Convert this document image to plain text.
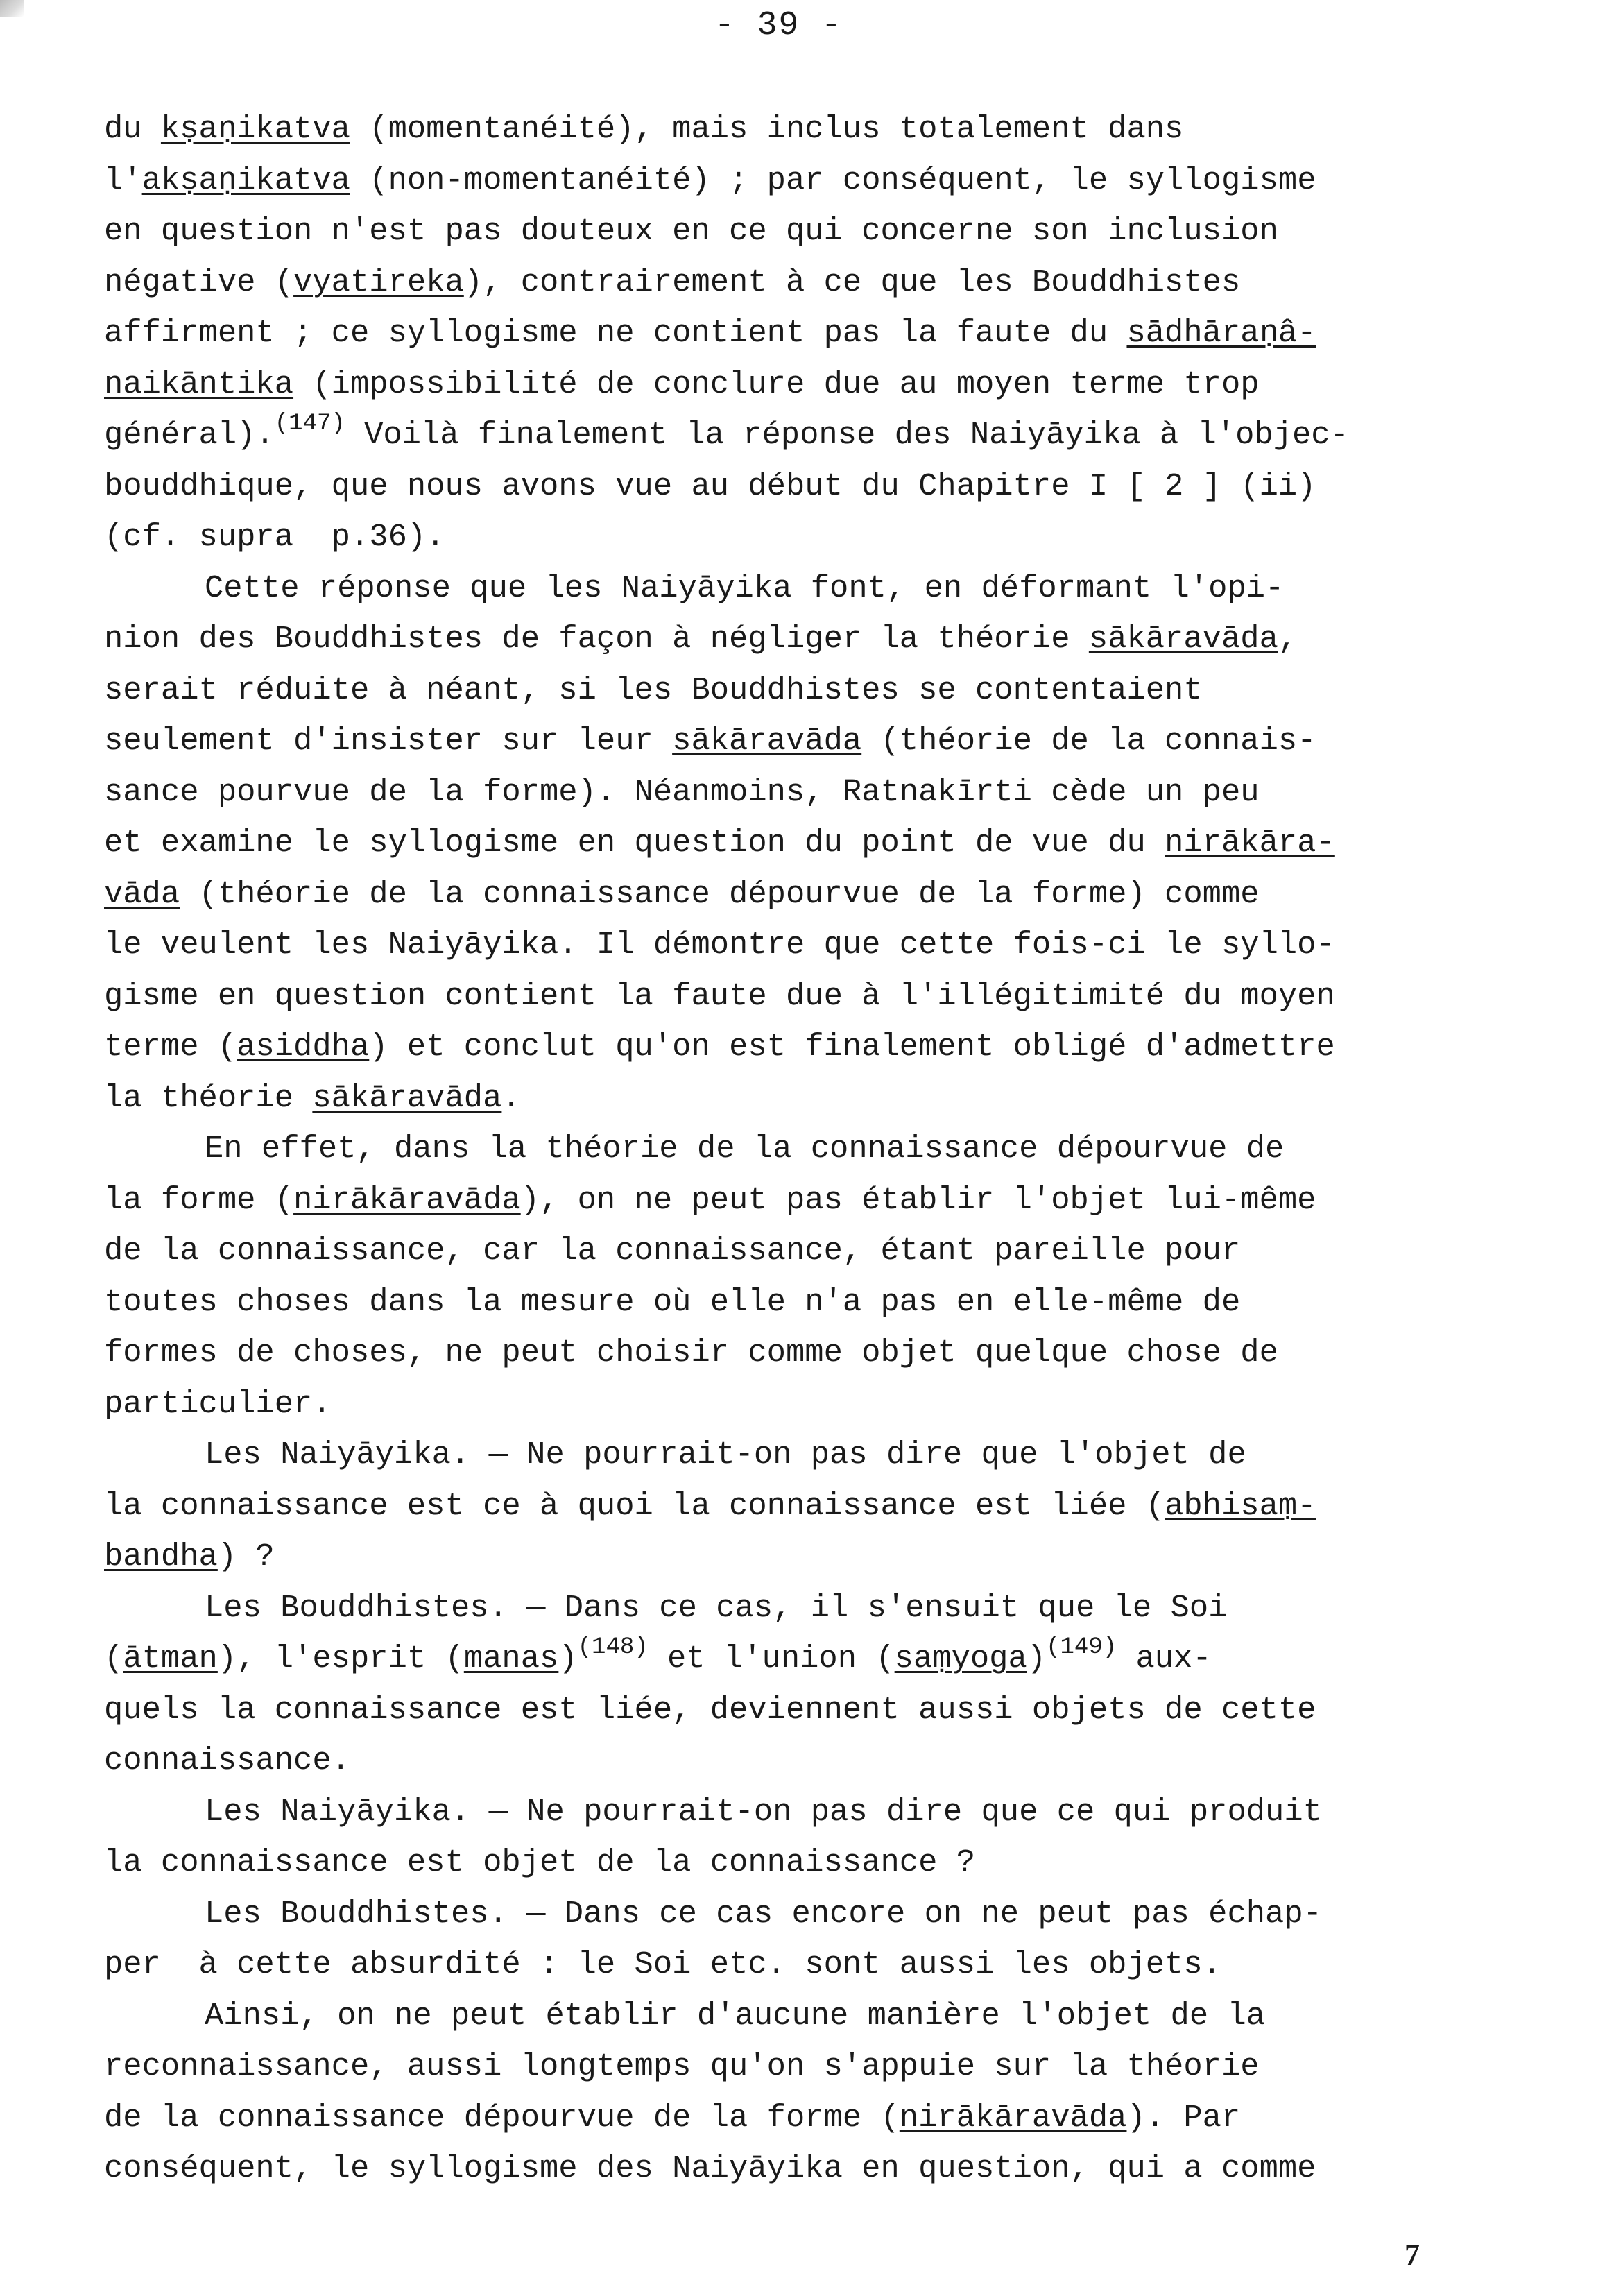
- 39 -
du kṣaṇikatva (momentanéité), mais inclus totalement dans
l'akṣaṇikatva (non-momentanéité) ; par conséquent, le syllogisme
en question n'est pas douteux en ce qui concerne son inclusion
négative (vyatireka), contrairement à ce que les Bouddhistes
affirment ; ce syllogisme ne contient pas la faute du sādhāraṇâ-
naikāntika (impossibilité de conclure due au moyen terme trop
général).$^{(147)}$ Voilà finalement la réponse des Naiyāyika à l'objec-
bouddhique, que nous avons vue au début du Chapitre I [ 2 ] (ii)
(cf. supra  p.36).
Cette réponse que les Naiyāyika font, en déformant l'opi-
nion des Bouddhistes de façon à négliger la théorie sākāravāda,
serait réduite à néant, si les Bouddhistes se contentaient
seulement d'insister sur leur sākāravāda (théorie de la connais-
sance pourvue de la forme). Néanmoins, Ratnakīrti cède un peu
et examine le syllogisme en question du point de vue du nirākāra-
vāda (théorie de la connaissance dépourvue de la forme) comme
le veulent les Naiyāyika. Il démontre que cette fois-ci le syllo-
gisme en question contient la faute due à l'illégitimité du moyen
terme (asiddha) et conclut qu'on est finalement obligé d'admettre
la théorie sākāravāda.
En effet, dans la théorie de la connaissance dépourvue de
la forme (nirākāravāda), on ne peut pas établir l'objet lui-même
de la connaissance, car la connaissance, étant pareille pour
toutes choses dans la mesure où elle n'a pas en elle-même de
formes de choses, ne peut choisir comme objet quelque chose de
particulier.
Les Naiyāyika. — Ne pourrait-on pas dire que l'objet de
la connaissance est ce à quoi la connaissance est liée (abhisaṃ-
bandha) ?
Les Bouddhistes. — Dans ce cas, il s'ensuit que le Soi
(ātman), l'esprit (manas)$^{(148)}$ et l'union (saṃyoga)$^{(149)}$ aux-
quels la connaissance est liée, deviennent aussi objets de cette
connaissance.
Les Naiyāyika. — Ne pourrait-on pas dire que ce qui produit
la connaissance est objet de la connaissance ?
Les Bouddhistes. — Dans ce cas encore on ne peut pas échap-
per  à cette absurdité : le Soi etc. sont aussi les objets.
Ainsi, on ne peut établir d'aucune manière l'objet de la
reconnaissance, aussi longtemps qu'on s'appuie sur la théorie
de la connaissance dépourvue de la forme (nirākāravāda). Par
conséquent, le syllogisme des Naiyāyika en question, qui a comme
7
